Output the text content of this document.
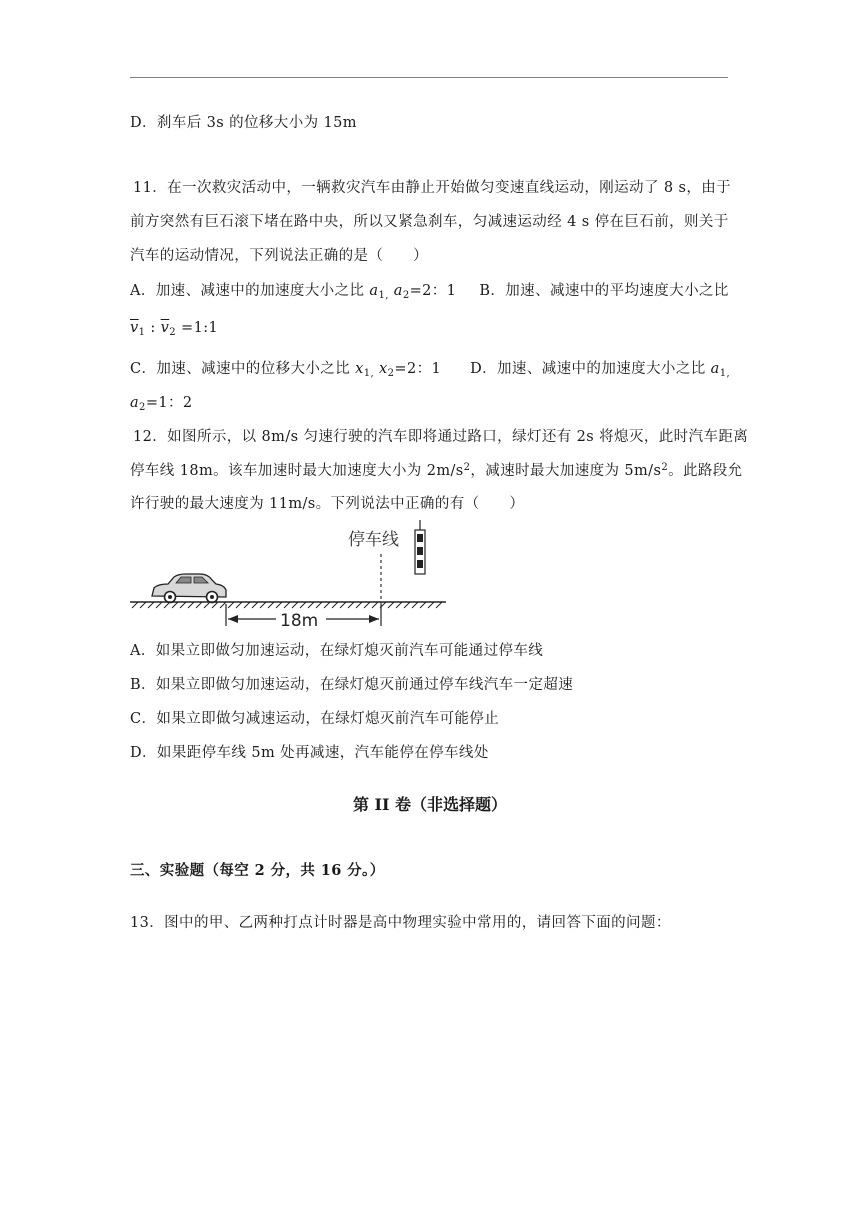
D．刹车后 3s 的位移大小为 15m
11．在一次救灾活动中，一辆救灾汽车由静止开始做匀变速直线运动，刚运动了 8 s，由于
前方突然有巨石滚下堵在路中央，所以又紧急刹车，匀减速运动经 4 s 停在巨石前，则关于
汽车的运动情况，下列说法正确的是（　　）
A．加速、减速中的加速度大小之比 $a_{1,}$ $a_2=2$：1 B．加速、减速中的平均速度大小之比
$\overline{v}_1$ : $\overline{v}_2$ =1:1
C．加速、减速中的位移大小之比 $x_{1,}$ $x_2=2$：1 D．加速、减速中的加速度大小之比 $a_{1,}$
$a_2=1$：2
12．如图所示，以 8m/s 匀速行驶的汽车即将通过路口，绿灯还有 2s 将熄灭，此时汽车距离
停车线 18m。该车加速时最大加速度大小为 $2m/s^2$，减速时最大加速度为 $5m/s^2$。此路段允
许行驶的最大速度为 11m/s。下列说法中正确的有（　　）
停车线
18m
A．如果立即做匀加速运动，在绿灯熄灭前汽车可能通过停车线
B．如果立即做匀加速运动，在绿灯熄灭前通过停车线汽车一定超速
C．如果立即做匀减速运动，在绿灯熄灭前汽车可能停止
D．如果距停车线 5m 处再减速，汽车能停在停车线处
第 II 卷（非选择题）
三、实验题（每空 2 分，共 16 分。）
13．图中的甲、乙两种打点计时器是高中物理实验中常用的，请回答下面的问题：
